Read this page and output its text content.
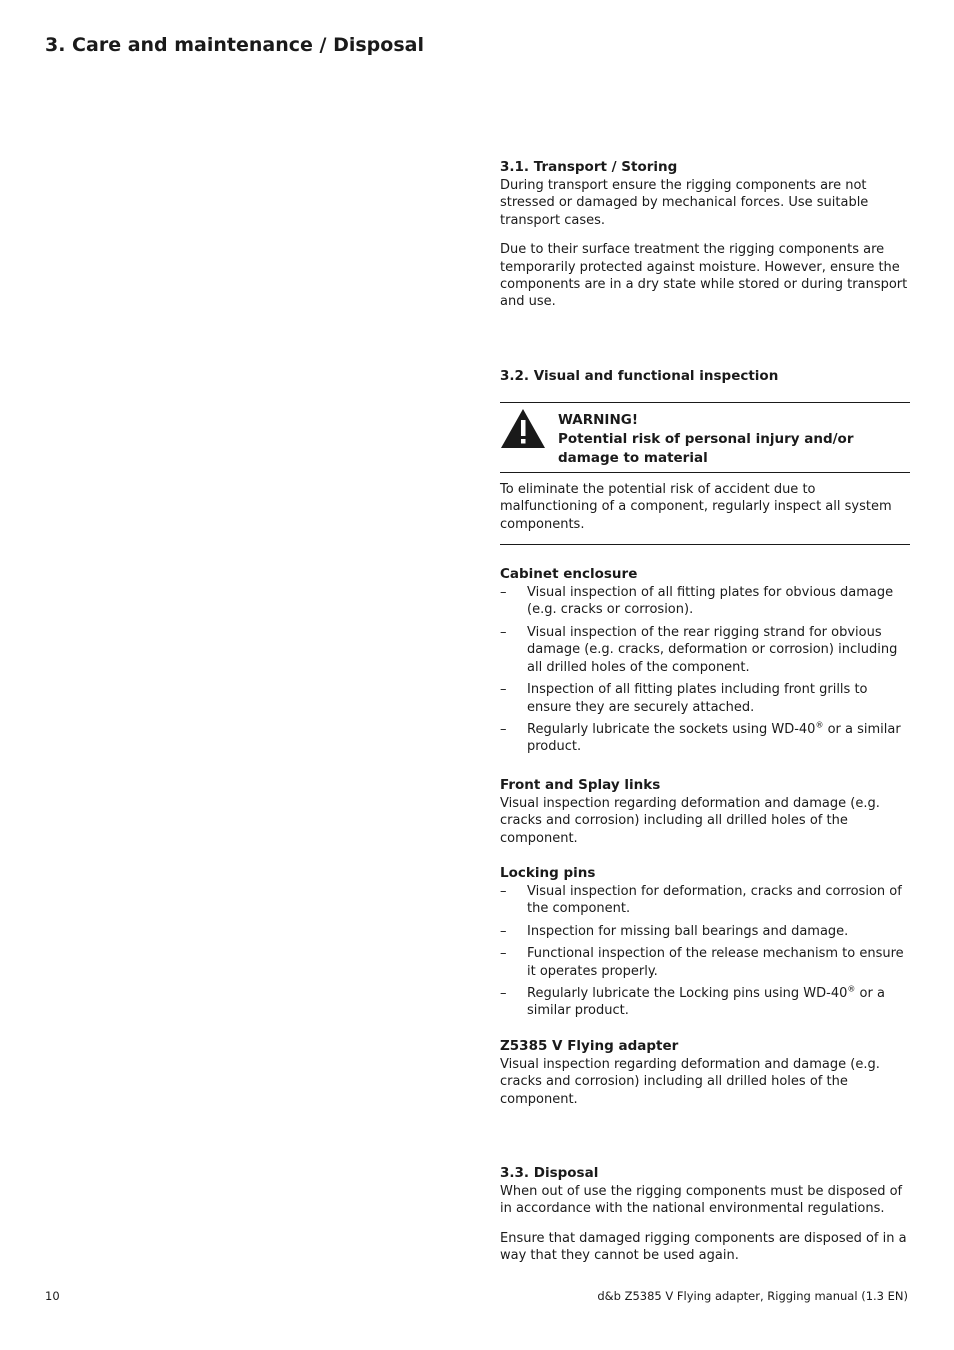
3. Care and maintenance / Disposal
3.1. Transport / Storing

During transport ensure the rigging components are not stressed or damaged by mechanical forces. Use suitable transport cases.

Due to their surface treatment the rigging components are temporarily protected against moisture. However, ensure the components are in a dry state while stored or during transport and use.

3.2. Visual and functional inspection
WARNING!
Potential risk of personal injury and/or damage to material

To eliminate the potential risk of accident due to malfunctioning of a component, regularly inspect all system components.

Cabinet enclosure
– Visual inspection of all fitting plates for obvious damage (e.g. cracks or corrosion).
– Visual inspection of the rear rigging strand for obvious damage (e.g. cracks, deformation or corrosion) including all drilled holes of the component.
– Inspection of all fitting plates including front grills to ensure they are securely attached.
– Regularly lubricate the sockets using WD-40® or a similar product.
Front and Splay links

Visual inspection regarding deformation and damage (e.g. cracks and corrosion) including all drilled holes of the component.

Locking pins
– Visual inspection for deformation, cracks and corrosion of the component.
– Inspection for missing ball bearings and damage.
– Functional inspection of the release mechanism to ensure it operates properly.
– Regularly lubricate the Locking pins using WD-40® or a similar product.
Z5385 V Flying adapter

Visual inspection regarding deformation and damage (e.g. cracks and corrosion) including all drilled holes of the component.

3.3. Disposal

When out of use the rigging components must be disposed of in accordance with the national environmental regulations.

Ensure that damaged rigging components are disposed of in a way that they cannot be used again.

10	d&b Z5385 V Flying adapter, Rigging manual (1.3 EN)
